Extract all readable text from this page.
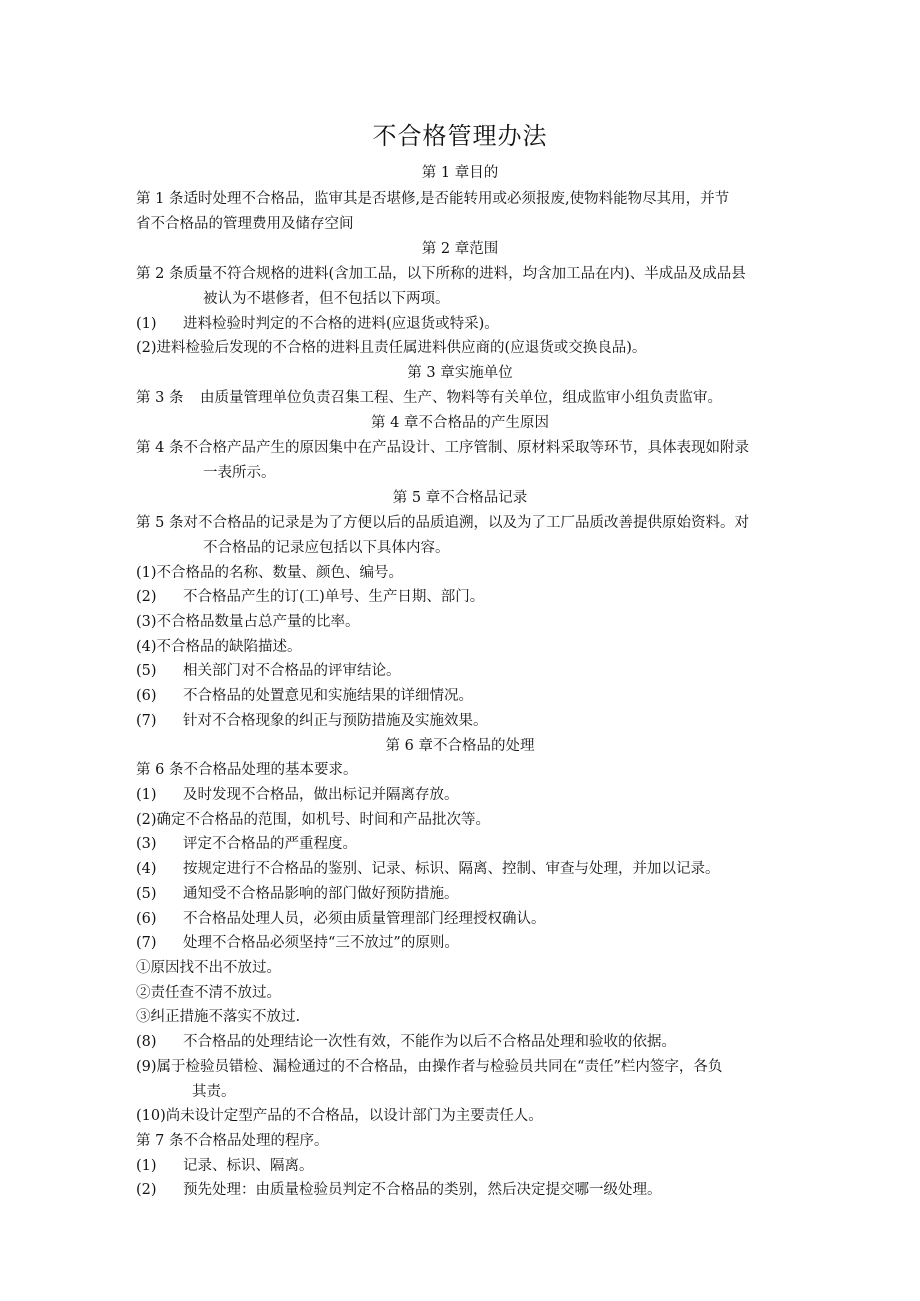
不合格管理办法
第 1 章目的
第 1 条适时处理不合格品，监审其是否堪修,是否能转用或必须报废,使物料能物尽其用，并节
省不合格品的管理费用及储存空间
第 2 章范围
第 2 条质量不符合规格的进料(含加工品，以下所称的进料，均含加工品在内)、半成品及成品县
被认为不堪修者，但不包括以下两项。
(1) 进料检验时判定的不合格的进料(应退货或特采)。
(2)进料检验后发现的不合格的进料且责任属进料供应商的(应退货或交换良品)。
第 3 章实施单位
第 3 条 由质量管理单位负责召集工程、生产、物料等有关单位，组成监审小组负责监审。
第 4 章不合格品的产生原因
第 4 条不合格产品产生的原因集中在产品设计、工序管制、原材料采取等环节，具体表现如附录
一表所示。
第 5 章不合格品记录
第 5 条对不合格品的记录是为了方便以后的品质追溯，以及为了工厂品质改善提供原始资料。对
不合格品的记录应包括以下具体内容。
(1)不合格品的名称、数量、颜色、编号。
(2) 不合格品产生的订(工)单号、生产日期、部门。
(3)不合格品数量占总产量的比率。
(4)不合格品的缺陷描述。
(5) 相关部门对不合格品的评审结论。
(6) 不合格品的处置意见和实施结果的详细情况。
(7) 针对不合格现象的纠正与预防措施及实施效果。
第 6 章不合格品的处理
第 6 条不合格品处理的基本要求。
(1) 及时发现不合格品，做出标记并隔离存放。
(2)确定不合格品的范围，如机号、时间和产品批次等。
(3) 评定不合格品的严重程度。
(4) 按规定进行不合格品的鉴别、记录、标识、隔离、控制、审查与处理，并加以记录。
(5) 通知受不合格品影响的部门做好预防措施。
(6) 不合格品处理人员，必须由质量管理部门经理授权确认。
(7) 处理不合格品必须坚持“三不放过”的原则。
①原因找不出不放过。
②责任查不清不放过。
③纠正措施不落实不放过.
(8) 不合格品的处理结论一次性有效，不能作为以后不合格品处理和验收的依据。
(9)属于检验员错检、漏检通过的不合格品，由操作者与检验员共同在“责任”栏内签字，各负
其责。
(10)尚未设计定型产品的不合格品，以设计部门为主要责任人。
第 7 条不合格品处理的程序。
(1) 记录、标识、隔离。
(2) 预先处理：由质量检验员判定不合格品的类别，然后决定提交哪一级处理。
